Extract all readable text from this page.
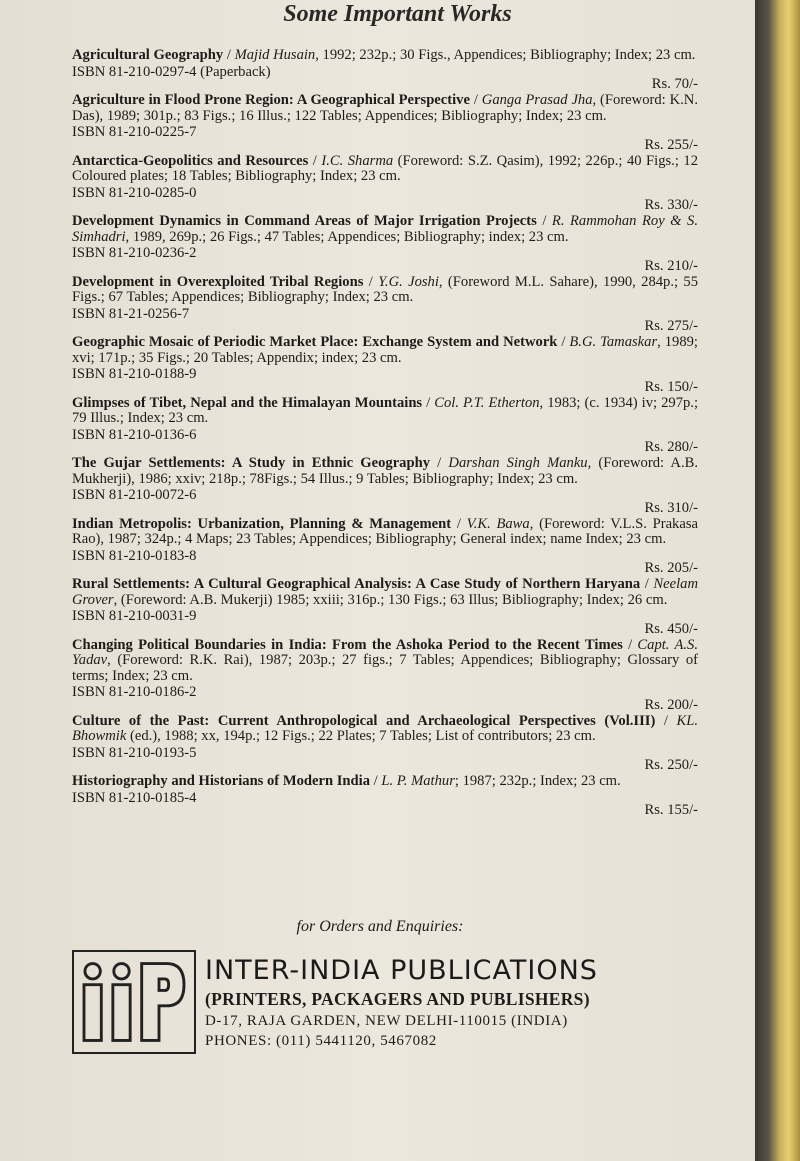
Some Important Works
Agricultural Geography / Majid Husain, 1992; 232p.; 30 Figs., Appendices; Bibliography; Index; 23 cm.
ISBN 81-210-0297-4 (Paperback)
Rs. 70/-
Agriculture in Flood Prone Region: A Geographical Perspective / Ganga Prasad Jha, (Foreword: K.N. Das), 1989; 301p.; 83 Figs.; 16 Illus.; 122 Tables; Appendices; Bibliography; Index; 23 cm.
ISBN 81-210-0225-7
Rs. 255/-
Antarctica-Geopolitics and Resources / I.C. Sharma (Foreword: S.Z. Qasim), 1992; 226p.; 40 Figs.; 12 Coloured plates; 18 Tables; Bibliography; Index; 23 cm.
ISBN 81-210-0285-0
Rs. 330/-
Development Dynamics in Command Areas of Major Irrigation Projects / R. Rammohan Roy & S. Simhadri, 1989, 269p.; 26 Figs.; 47 Tables; Appendices; Bibliography; index; 23 cm.
ISBN 81-210-0236-2
Rs. 210/-
Development in Overexploited Tribal Regions / Y.G. Joshi, (Foreword M.L. Sahare), 1990, 284p.; 55 Figs.; 67 Tables; Appendices; Bibliography; Index; 23 cm.
ISBN 81-21-0256-7
Rs. 275/-
Geographic Mosaic of Periodic Market Place: Exchange System and Network / B.G. Tamaskar, 1989; xvi; 171p.; 35 Figs.; 20 Tables; Appendix; index; 23 cm.
ISBN 81-210-0188-9
Rs. 150/-
Glimpses of Tibet, Nepal and the Himalayan Mountains / Col. P.T. Etherton, 1983; (c. 1934) iv; 297p.; 79 Illus.; Index; 23 cm.
ISBN 81-210-0136-6
Rs. 280/-
The Gujar Settlements: A Study in Ethnic Geography / Darshan Singh Manku, (Foreword: A.B. Mukherji), 1986; xxiv; 218p.; 78Figs.; 54 Illus.; 9 Tables; Bibliography; Index; 23 cm.
ISBN 81-210-0072-6
Rs. 310/-
Indian Metropolis: Urbanization, Planning & Management / V.K. Bawa, (Foreword: V.L.S. Prakasa Rao), 1987; 324p.; 4 Maps; 23 Tables; Appendices; Bibliography; General index; name Index; 23 cm.
ISBN 81-210-0183-8
Rs. 205/-
Rural Settlements: A Cultural Geographical Analysis: A Case Study of Northern Haryana / Neelam Grover, (Foreword: A.B. Mukerji) 1985; xxiii; 316p.; 130 Figs.; 63 Illus; Bibliography; Index; 26 cm.
ISBN 81-210-0031-9
Rs. 450/-
Changing Political Boundaries in India: From the Ashoka Period to the Recent Times / Capt. A.S. Yadav, (Foreword: R.K. Rai), 1987; 203p.; 27 figs.; 7 Tables; Appendices; Bibliography; Glossary of terms; Index; 23 cm.
ISBN 81-210-0186-2
Rs. 200/-
Culture of the Past: Current Anthropological and Archaeological Perspectives (Vol.III) / KL. Bhowmik (ed.), 1988; xx, 194p.; 12 Figs.; 22 Plates; 7 Tables; List of contributors; 23 cm.
ISBN 81-210-0193-5
Rs. 250/-
Historiography and Historians of Modern India / L. P. Mathur; 1987; 232p.; Index; 23 cm.
ISBN 81-210-0185-4
Rs. 155/-
for Orders and Enquiries:
INTER-INDIA PUBLICATIONS
(PRINTERS, PACKAGERS AND PUBLISHERS)
D-17, RAJA GARDEN, NEW DELHI-110015 (INDIA)
PHONES: (011) 5441120, 5467082
